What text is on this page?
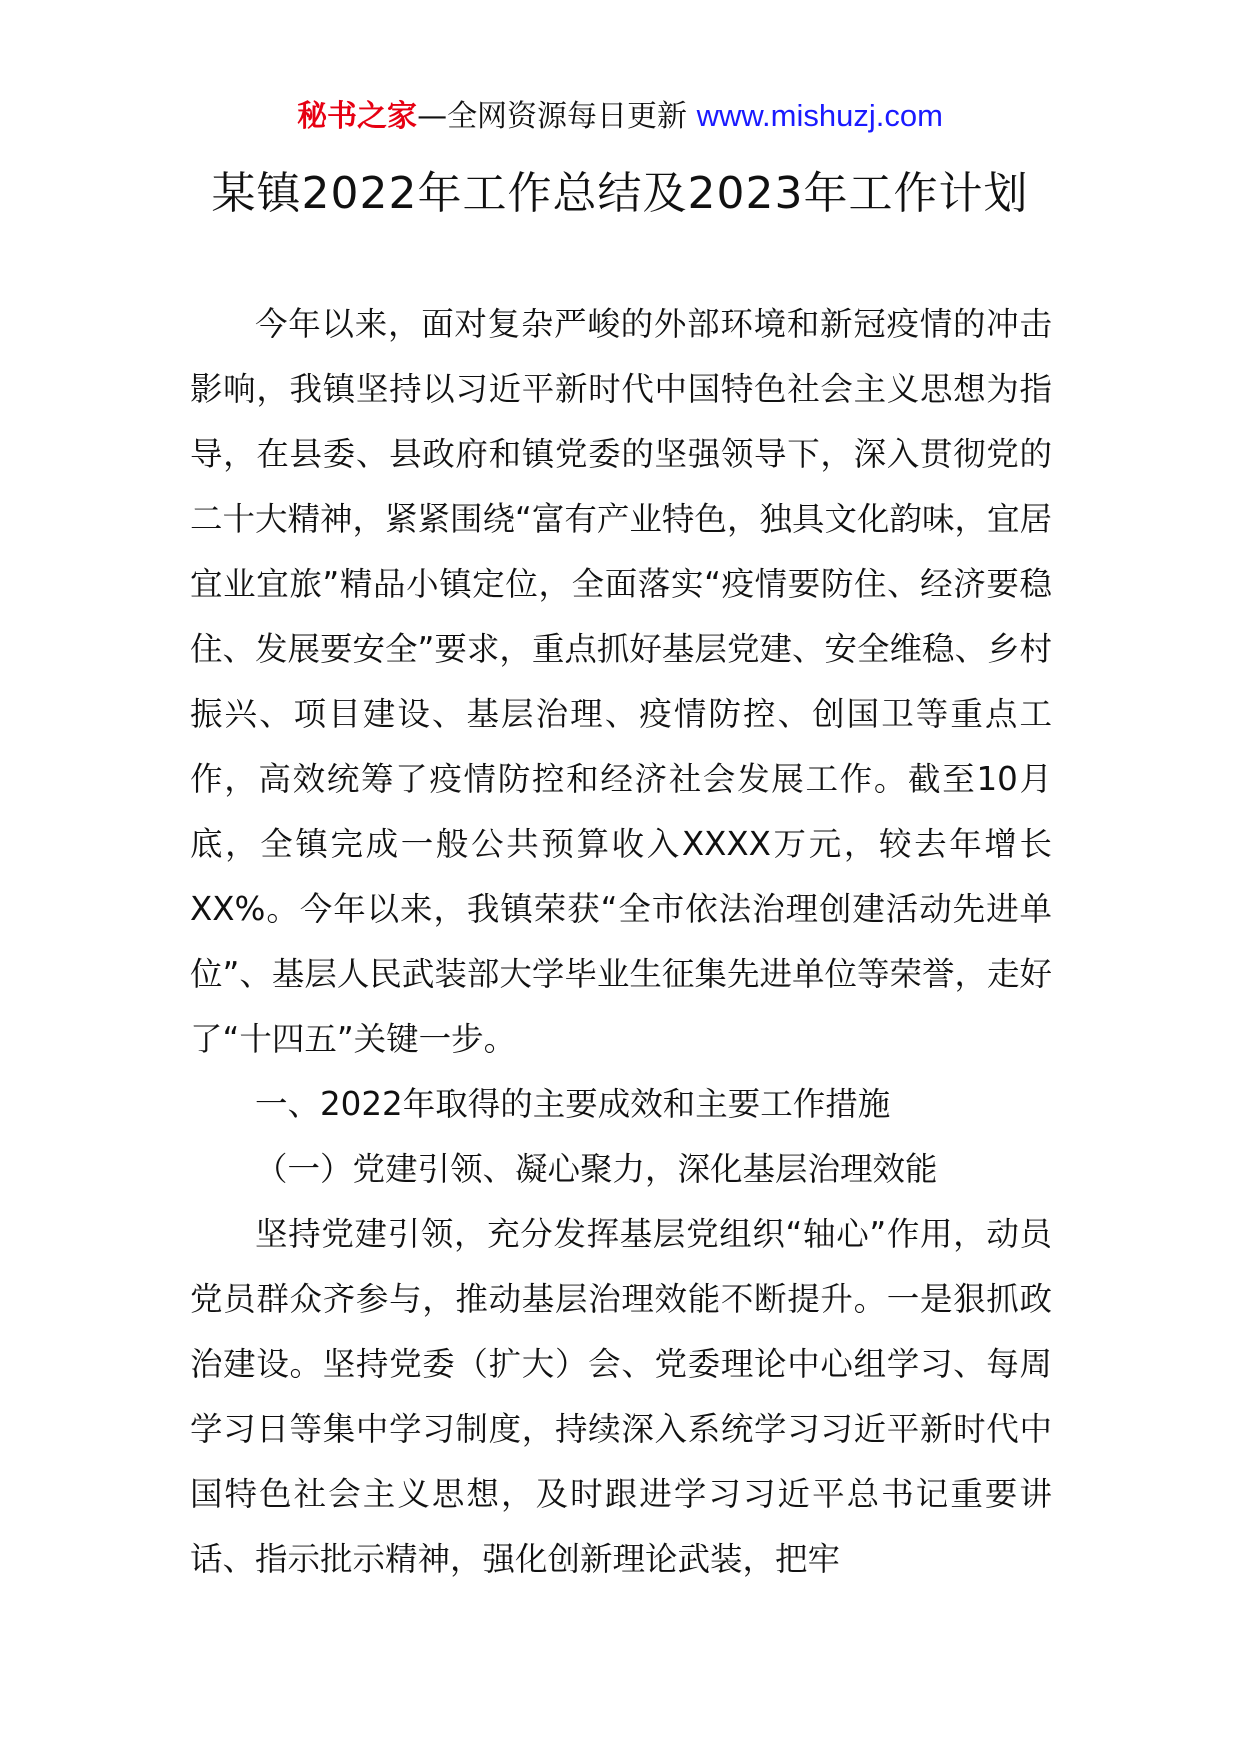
秘书之家—全网资源每日更新 www.mishuzj.com
某镇2022年工作总结及2023年工作计划

今年以来，面对复杂严峻的外部环境和新冠疫情的冲击影响，我镇坚持以习近平新时代中国特色社会主义思想为指导，在县委、县政府和镇党委的坚强领导下，深入贯彻党的二十大精神，紧紧围绕“富有产业特色，独具文化韵味，宜居宜业宜旅”精品小镇定位，全面落实“疫情要防住、经济要稳住、发展要安全”要求，重点抓好基层党建、安全维稳、乡村振兴、项目建设、基层治理、疫情防控、创国卫等重点工作，高效统筹了疫情防控和经济社会发展工作。截至10月底，全镇完成一般公共预算收入XXXX万元，较去年增长XX%。今年以来，我镇荣获“全市依法治理创建活动先进单位”、基层人民武装部大学毕业生征集先进单位等荣誉，走好了“十四五”关键一步。

一、2022年取得的主要成效和主要工作措施

（一）党建引领、凝心聚力，深化基层治理效能

坚持党建引领，充分发挥基层党组织“轴心”作用，动员党员群众齐参与，推动基层治理效能不断提升。一是狠抓政治建设。坚持党委（扩大）会、党委理论中心组学习、每周学习日等集中学习制度，持续深入系统学习习近平新时代中国特色社会主义思想，及时跟进学习习近平总书记重要讲话、指示批示精神，强化创新理论武装，把牢
